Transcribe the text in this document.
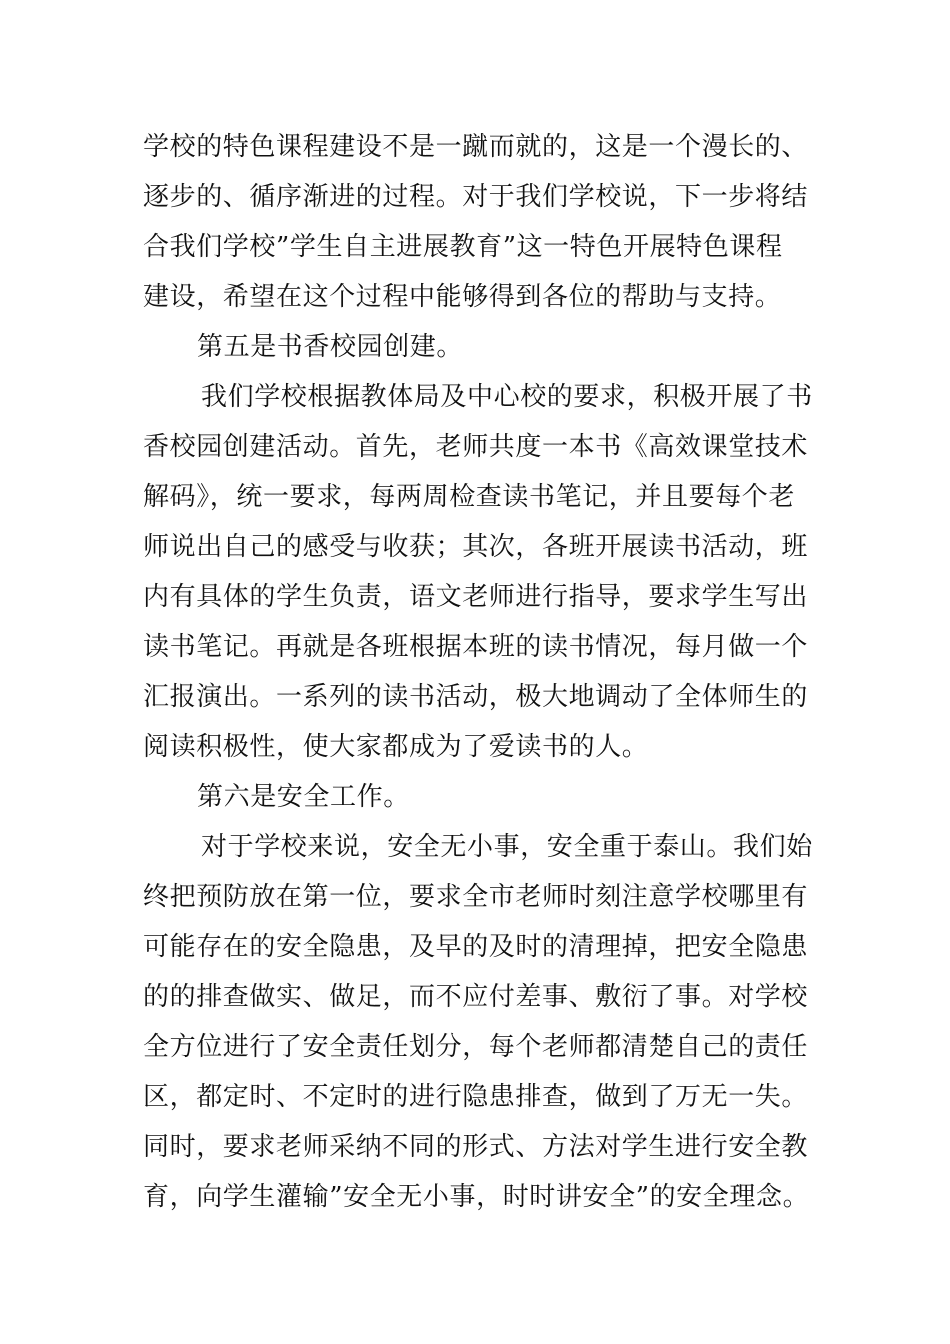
学校的特色课程建设不是一蹴而就的，这是一个漫长的、
逐步的、循序渐进的过程。对于我们学校说，下一步将结
合我们学校”学生自主进展教育”这一特色开展特色课程
建设，希望在这个过程中能够得到各位的帮助与支持。
第五是书香校园创建。
我们学校根据教体局及中心校的要求，积极开展了书
香校园创建活动。首先，老师共度一本书《高效课堂技术
解码》，统一要求，每两周检查读书笔记，并且要每个老
师说出自己的感受与收获；其次，各班开展读书活动，班
内有具体的学生负责，语文老师进行指导，要求学生写出
读书笔记。再就是各班根据本班的读书情况，每月做一个
汇报演出。一系列的读书活动，极大地调动了全体师生的
阅读积极性，使大家都成为了爱读书的人。
第六是安全工作。
对于学校来说，安全无小事，安全重于泰山。我们始
终把预防放在第一位，要求全市老师时刻注意学校哪里有
可能存在的安全隐患，及早的及时的清理掉，把安全隐患
的的排查做实、做足，而不应付差事、敷衍了事。对学校
全方位进行了安全责任划分，每个老师都清楚自己的责任
区，都定时、不定时的进行隐患排查，做到了万无一失。
同时，要求老师采纳不同的形式、方法对学生进行安全教
育，向学生灌输”安全无小事，时时讲安全”的安全理念。
